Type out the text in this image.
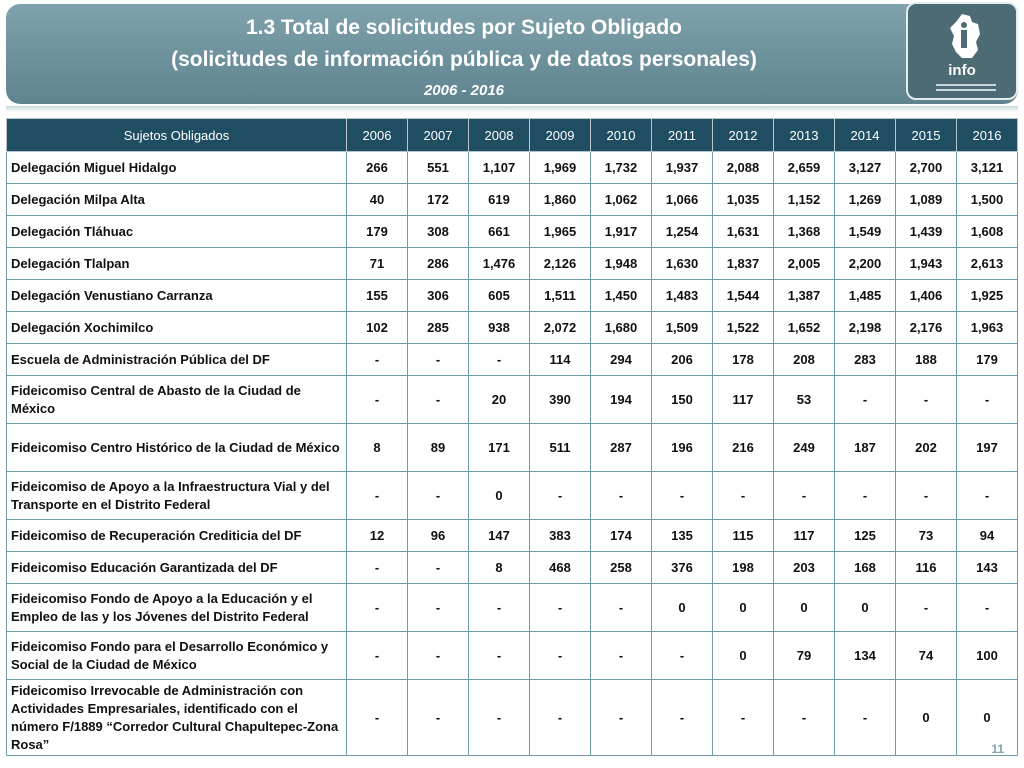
1.3 Total de solicitudes por Sujeto Obligado
(solicitudes de información pública y de datos personales)
2006 - 2016
info
Sujetos Obligados	2006	2007	2008	2009	2010	2011	2012	2013	2014	2015	2016
Delegación Miguel Hidalgo	266	551	1,107	1,969	1,732	1,937	2,088	2,659	3,127	2,700	3,121
Delegación Milpa Alta	40	172	619	1,860	1,062	1,066	1,035	1,152	1,269	1,089	1,500
Delegación Tláhuac	179	308	661	1,965	1,917	1,254	1,631	1,368	1,549	1,439	1,608
Delegación Tlalpan	71	286	1,476	2,126	1,948	1,630	1,837	2,005	2,200	1,943	2,613
Delegación Venustiano Carranza	155	306	605	1,511	1,450	1,483	1,544	1,387	1,485	1,406	1,925
Delegación Xochimilco	102	285	938	2,072	1,680	1,509	1,522	1,652	2,198	2,176	1,963
Escuela de Administración Pública del DF	-	-	-	114	294	206	178	208	283	188	179
Fideicomiso Central de Abasto de la Ciudad de México	-	-	20	390	194	150	117	53	-	-	-
Fideicomiso Centro Histórico de la Ciudad de México	8	89	171	511	287	196	216	249	187	202	197
Fideicomiso de Apoyo a la Infraestructura Vial y del Transporte en el Distrito Federal	-	-	0	-	-	-	-	-	-	-	-
Fideicomiso de Recuperación Crediticia del DF	12	96	147	383	174	135	115	117	125	73	94
Fideicomiso Educación Garantizada del DF	-	-	8	468	258	376	198	203	168	116	143
Fideicomiso Fondo de Apoyo a la Educación y el Empleo de las y los Jóvenes del Distrito Federal	-	-	-	-	-	0	0	0	0	-	-
Fideicomiso Fondo para el Desarrollo Económico y Social de la Ciudad de México	-	-	-	-	-	-	0	79	134	74	100
Fideicomiso Irrevocable de Administración con Actividades Empresariales, identificado con el número F/1889 “Corredor Cultural Chapultepec-Zona Rosa”	-	-	-	-	-	-	-	-	-	0	0
11
